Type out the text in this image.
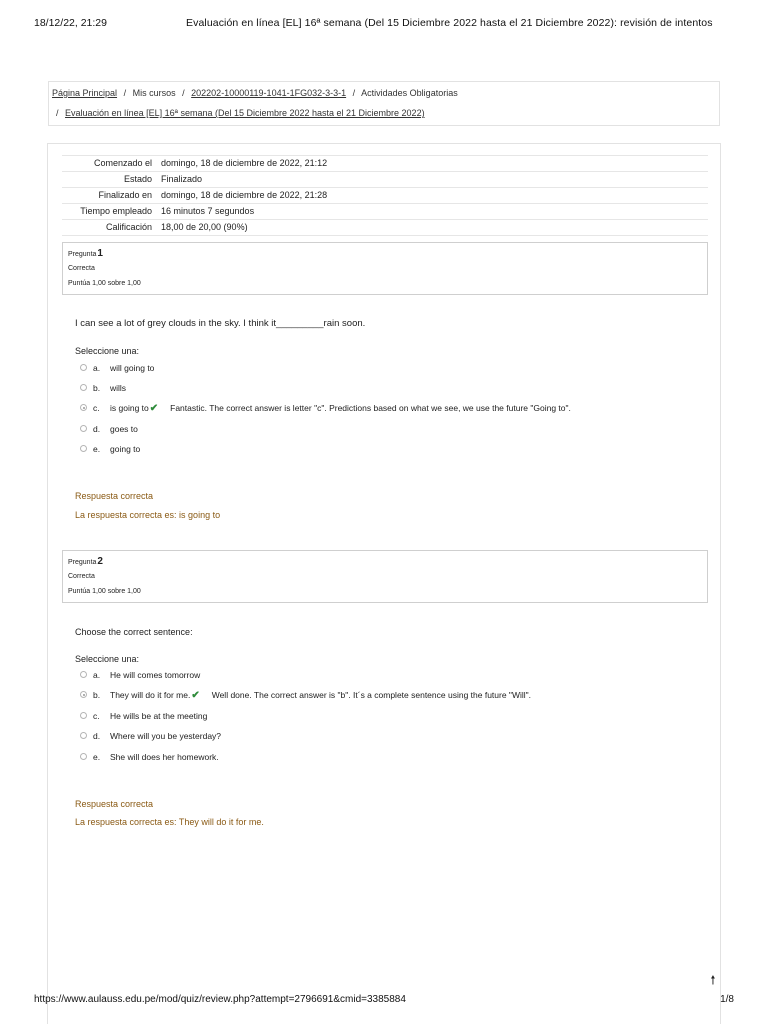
18/12/22, 21:29	Evaluación en línea [EL] 16ª semana (Del 15 Diciembre 2022 hasta el 21 Diciembre 2022): revisión de intentos
Página Principal / Mis cursos / 202202-10000119-1041-1FG032-3-3-1 / Actividades Obligatorias
/ Evaluación en línea [EL] 16ª semana (Del 15 Diciembre 2022 hasta el 21 Diciembre 2022)
Comenzado el domingo, 18 de diciembre de 2022, 21:12
Estado Finalizado
Finalizado en domingo, 18 de diciembre de 2022, 21:28
Tiempo empleado 16 minutos 7 segundos
Calificación 18,00 de 20,00 (90%)
Pregunta1
Correcta
Puntúa 1,00 sobre 1,00
I can see a lot of grey clouds in the sky. I think it_________rain soon.
Seleccione una:
a. will going to
b. wills
c. is going to✔ Fantastic. The correct answer is letter "c". Predictions based on what we see, we use the future "Going to".
d. goes to
e. going to
Respuesta correcta
La respuesta correcta es: is going to
Pregunta2
Correcta
Puntúa 1,00 sobre 1,00
Choose the correct sentence:
Seleccione una:
a. He will comes tomorrow
b. They will do it for me.✔ Well done. The correct answer is "b". It´s a complete sentence using the future "Will".
c. He wills be at the meeting
d. Where will you be yesterday?
e. She will does her homework.
Respuesta correcta
La respuesta correcta es: They will do it for me.
🠕
https://www.aulauss.edu.pe/mod/quiz/review.php?attempt=2796691&cmid=3385884	1/8
